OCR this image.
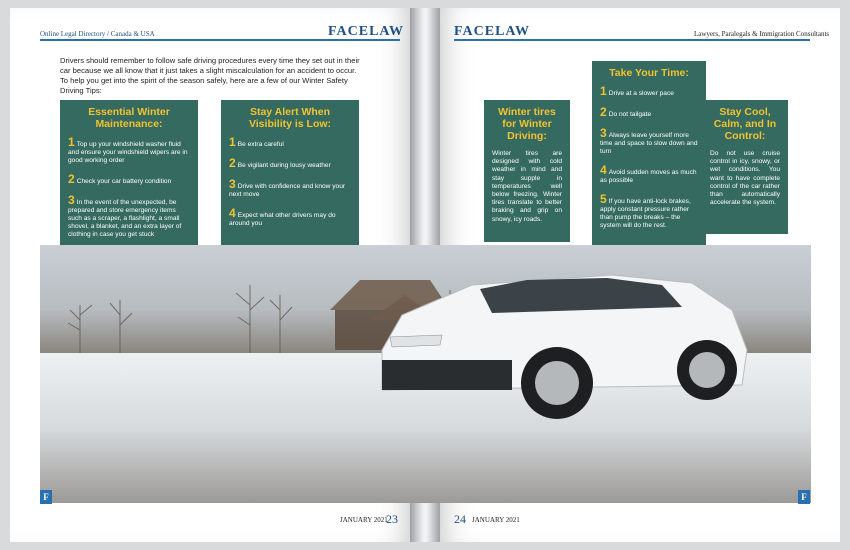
Online Legal Directory / Canada & USA	FACELAW

Drivers should remember to follow safe driving procedures every time they set out in their car because we all know that it just takes a slight miscalculation for an accident to occur. To help you get into the spirit of the season safely, here are a few of our Winter Safety Driving Tips:

Essential Winter Maintenance:
1 Top up your windshield washer fluid and ensure your windshield wipers are in good working order
2 Check your car battery condition
3 In the event of the unexpected, be prepared and store emergency items such as a scraper, a flashlight, a small shovel, a blanket, and an extra layer of clothing in case you get stuck
Stay Alert When Visibility is Low:
1 Be extra careful
2 Be vigilant during lousy weather
3 Drive with confidence and know your next move
4 Expect what other drivers may do around you
JANUARY 2021
23
FACELAW	Lawyers, Paralegals & Immigration Consultants
Winter tires for Winter Driving:

Winter tires are designed with cold weather in mind and stay supple in temperatures well below freezing. Winter tires translate to better braking and grip on snowy, icy roads.

Take Your Time:
1 Drive at a slower pace
2 Do not tailgate
3 Always leave yourself more time and space to slow down and turn
4 Avoid sudden moves as much as possible
5 If you have anti-lock brakes, apply constant pressure rather than pump the breaks – the system will do the rest.
Stay Cool, Calm, and In Control:

Do not use cruise control in icy, snowy, or wet conditions. You want to have complete control of the car rather than automatically accelerate the system.

24 JANUARY 2021
F	F
